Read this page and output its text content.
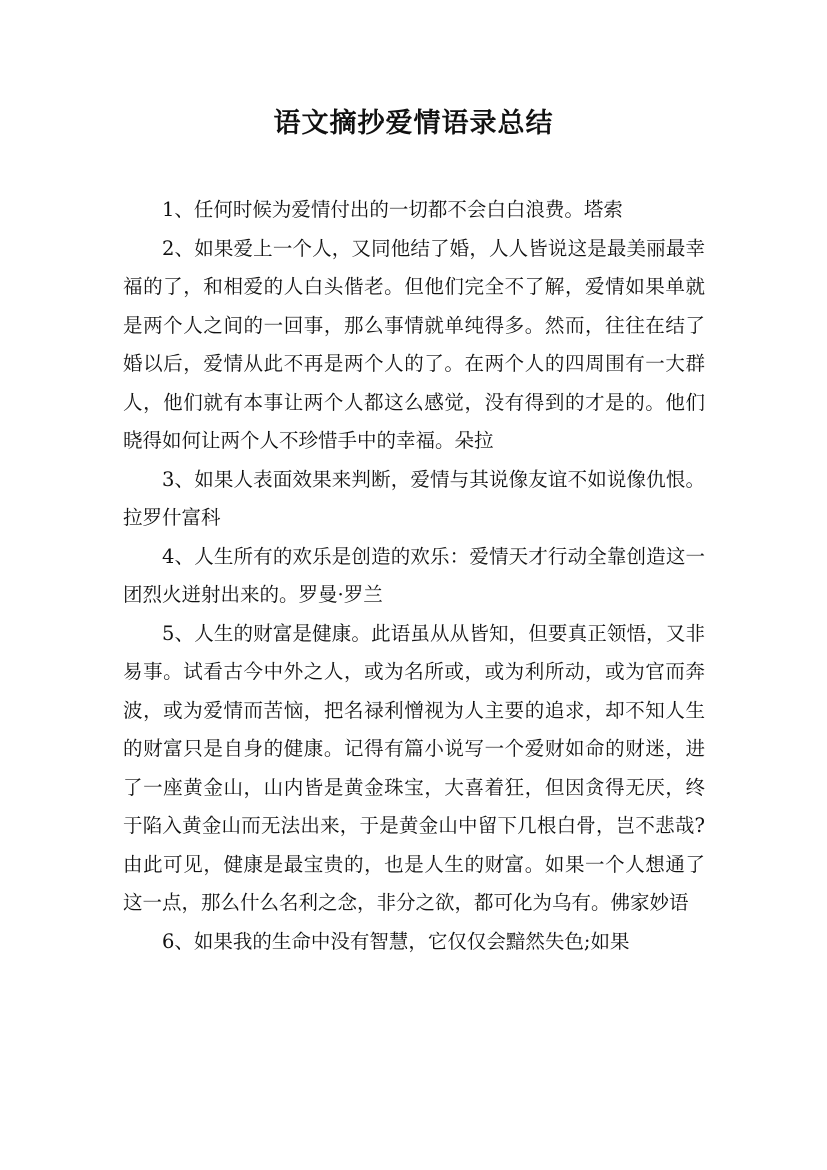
语文摘抄爱情语录总结

1、任何时候为爱情付出的一切都不会白白浪费。塔索

2、如果爱上一个人，又同他结了婚，人人皆说这是最美丽最幸福的了，和相爱的人白头偕老。但他们完全不了解，爱情如果单就是两个人之间的一回事，那么事情就单纯得多。然而，往往在结了婚以后，爱情从此不再是两个人的了。在两个人的四周围有一大群人，他们就有本事让两个人都这么感觉，没有得到的才是的。他们晓得如何让两个人不珍惜手中的幸福。朵拉

3、如果人表面效果来判断，爱情与其说像友谊不如说像仇恨。拉罗什富科

4、人生所有的欢乐是创造的欢乐：爱情天才行动全靠创造这一团烈火迸射出来的。罗曼·罗兰

5、人生的财富是健康。此语虽从从皆知，但要真正领悟，又非易事。试看古今中外之人，或为名所或，或为利所动，或为官而奔波，或为爱情而苦恼，把名禄利憎视为人主要的追求，却不知人生的财富只是自身的健康。记得有篇小说写一个爱财如命的财迷，进了一座黄金山，山内皆是黄金珠宝，大喜着狂，但因贪得无厌，终于陷入黄金山而无法出来，于是黄金山中留下几根白骨，岂不悲哉?由此可见，健康是最宝贵的，也是人生的财富。如果一个人想通了这一点，那么什么名利之念，非分之欲，都可化为乌有。佛家妙语

6、如果我的生命中没有智慧，它仅仅会黯然失色;如果
